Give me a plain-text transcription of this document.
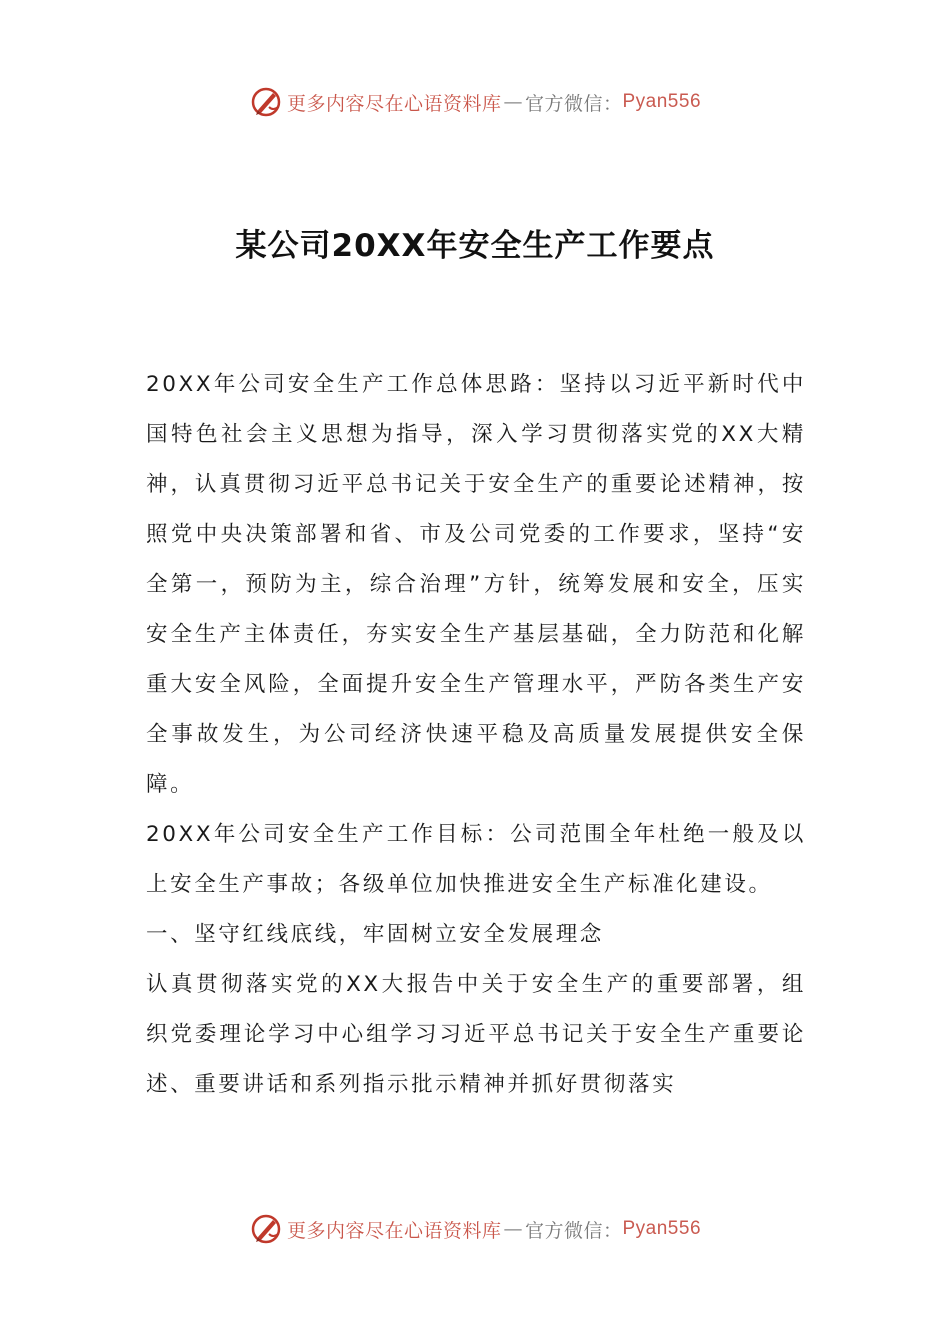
更多内容尽在心语资料库 — 官方微信： Pyan556
某公司20XX年安全生产工作要点

20XX年公司安全生产工作总体思路：坚持以习近平新时代中国特色社会主义思想为指导，深入学习贯彻落实党的XX大精神，认真贯彻习近平总书记关于安全生产的重要论述精神，按照党中央决策部署和省、市及公司党委的工作要求，坚持“安全第一，预防为主，综合治理”方针，统筹发展和安全，压实安全生产主体责任，夯实安全生产基层基础，全力防范和化解重大安全风险，全面提升安全生产管理水平，严防各类生产安全事故发生，为公司经济快速平稳及高质量发展提供安全保障。

20XX年公司安全生产工作目标：公司范围全年杜绝一般及以上安全生产事故；各级单位加快推进安全生产标准化建设。

一、坚守红线底线，牢固树立安全发展理念

认真贯彻落实党的XX大报告中关于安全生产的重要部署，组织党委理论学习中心组学习习近平总书记关于安全生产重要论述、重要讲话和系列指示批示精神并抓好贯彻落实

更多内容尽在心语资料库 — 官方微信： Pyan556
